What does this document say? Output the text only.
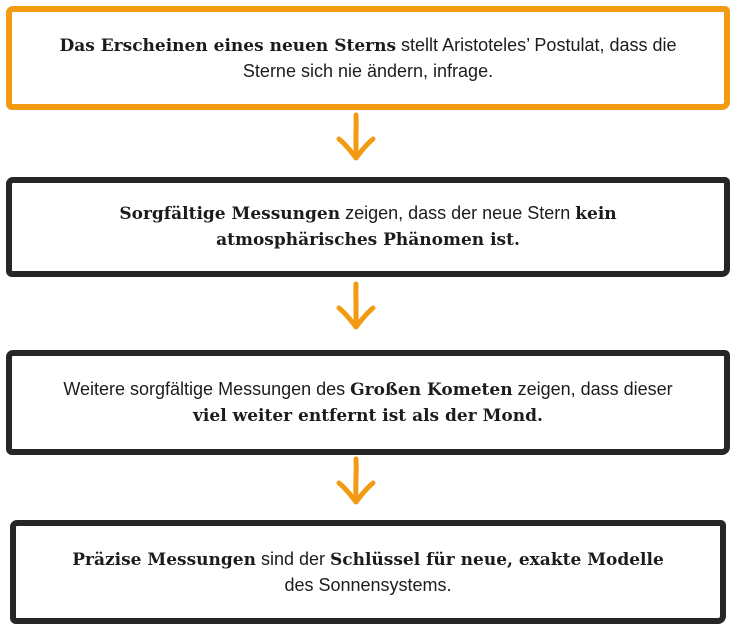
Das Erscheinen eines neuen Sterns stellt Aristoteles’ Postulat, dass die Sterne sich nie ändern, infrage.
Sorgfältige Messungen zeigen, dass der neue Stern kein atmosphärisches Phänomen ist.
Weitere sorgfältige Messungen des Großen Kometen zeigen, dass dieser viel weiter entfernt ist als der Mond.
Präzise Messungen sind der Schlüssel für neue, exakte Modelle des Sonnensystems.
